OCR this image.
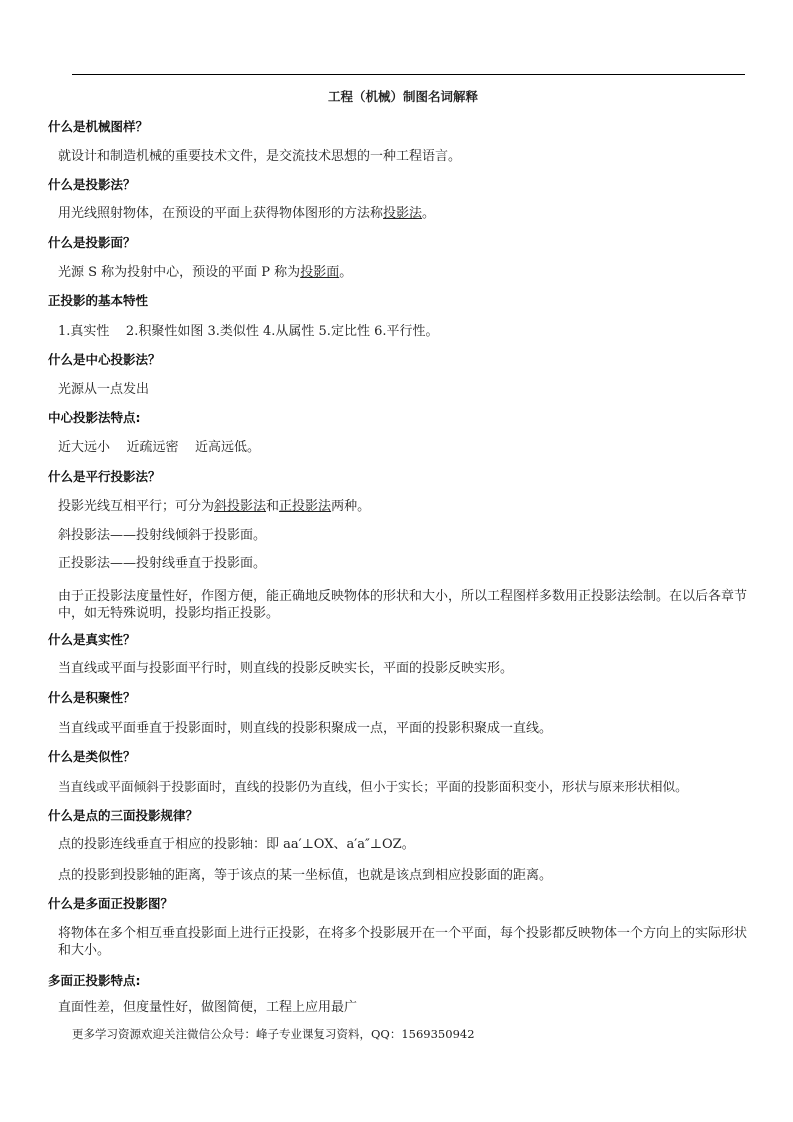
工程（机械）制图名词解释
什么是机械图样？
就设计和制造机械的重要技术文件，是交流技术思想的一种工程语言。
什么是投影法？
用光线照射物体，在预设的平面上获得物体图形的方法称投影法。
什么是投影面？
光源 S 称为投射中心，预设的平面 P 称为投影面。
正投影的基本特性
1.真实性    2.积聚性如图 3.类似性 4.从属性 5.定比性 6.平行性。
什么是中心投影法？
光源从一点发出
中心投影法特点:
近大远小    近疏远密    近高远低。
什么是平行投影法？
投影光线互相平行；可分为斜投影法和正投影法两种。
斜投影法——投射线倾斜于投影面。
正投影法——投射线垂直于投影面。
由于正投影法度量性好，作图方便，能正确地反映物体的形状和大小，所以工程图样多数用正投影法绘制。在以后各章节中，如无特殊说明，投影均指正投影。
什么是真实性？
当直线或平面与投影面平行时，则直线的投影反映实长，平面的投影反映实形。
什么是积聚性？
当直线或平面垂直于投影面时，则直线的投影积聚成一点，平面的投影积聚成一直线。
什么是类似性？
当直线或平面倾斜于投影面时，直线的投影仍为直线，但小于实长；平面的投影面积变小，形状与原来形状相似。
什么是点的三面投影规律？
点的投影连线垂直于相应的投影轴：即 aa′⊥OX、a′a″⊥OZ。
点的投影到投影轴的距离，等于该点的某一坐标值，也就是该点到相应投影面的距离。
什么是多面正投影图？
将物体在多个相互垂直投影面上进行正投影，在将多个投影展开在一个平面，每个投影都反映物体一个方向上的实际形状和大小。
多面正投影特点:
直面性差，但度量性好，做图简便，工程上应用最广
更多学习资源欢迎关注微信公众号：峰子专业课复习资料，QQ：1569350942
